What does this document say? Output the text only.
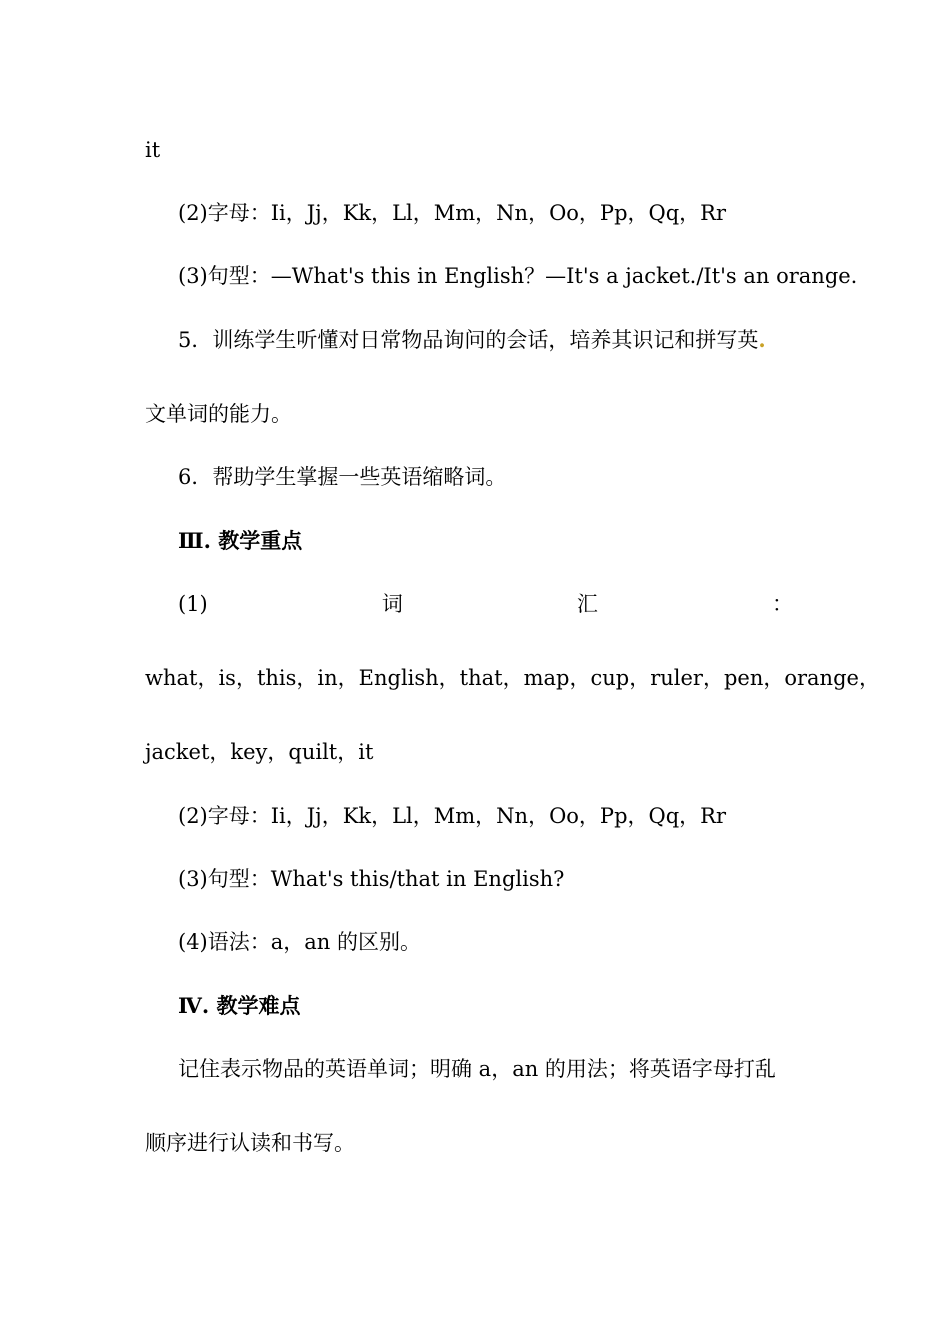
it
(2)字母：Ii，Jj，Kk，Ll，Mm，Nn，Oo，Pp，Qq，Rr
(3)句型：—What's this in English？—It's a jacket./It's an orange.
5．训练学生听懂对日常物品询问的会话，培养其识记和拼写英.
文单词的能力。
6．帮助学生掌握一些英语缩略词。
Ⅲ. 教学重点
(1)	词	汇	：
what，is，this，in，English，that，map，cup，ruler，pen，orange，
jacket，key，quilt，it
(2)字母：Ii，Jj，Kk，Ll，Mm，Nn，Oo，Pp，Qq，Rr
(3)句型：What's this/that in English?
(4)语法：a，an 的区别。
Ⅳ. 教学难点
记住表示物品的英语单词；明确 a，an 的用法；将英语字母打乱
顺序进行认读和书写。
